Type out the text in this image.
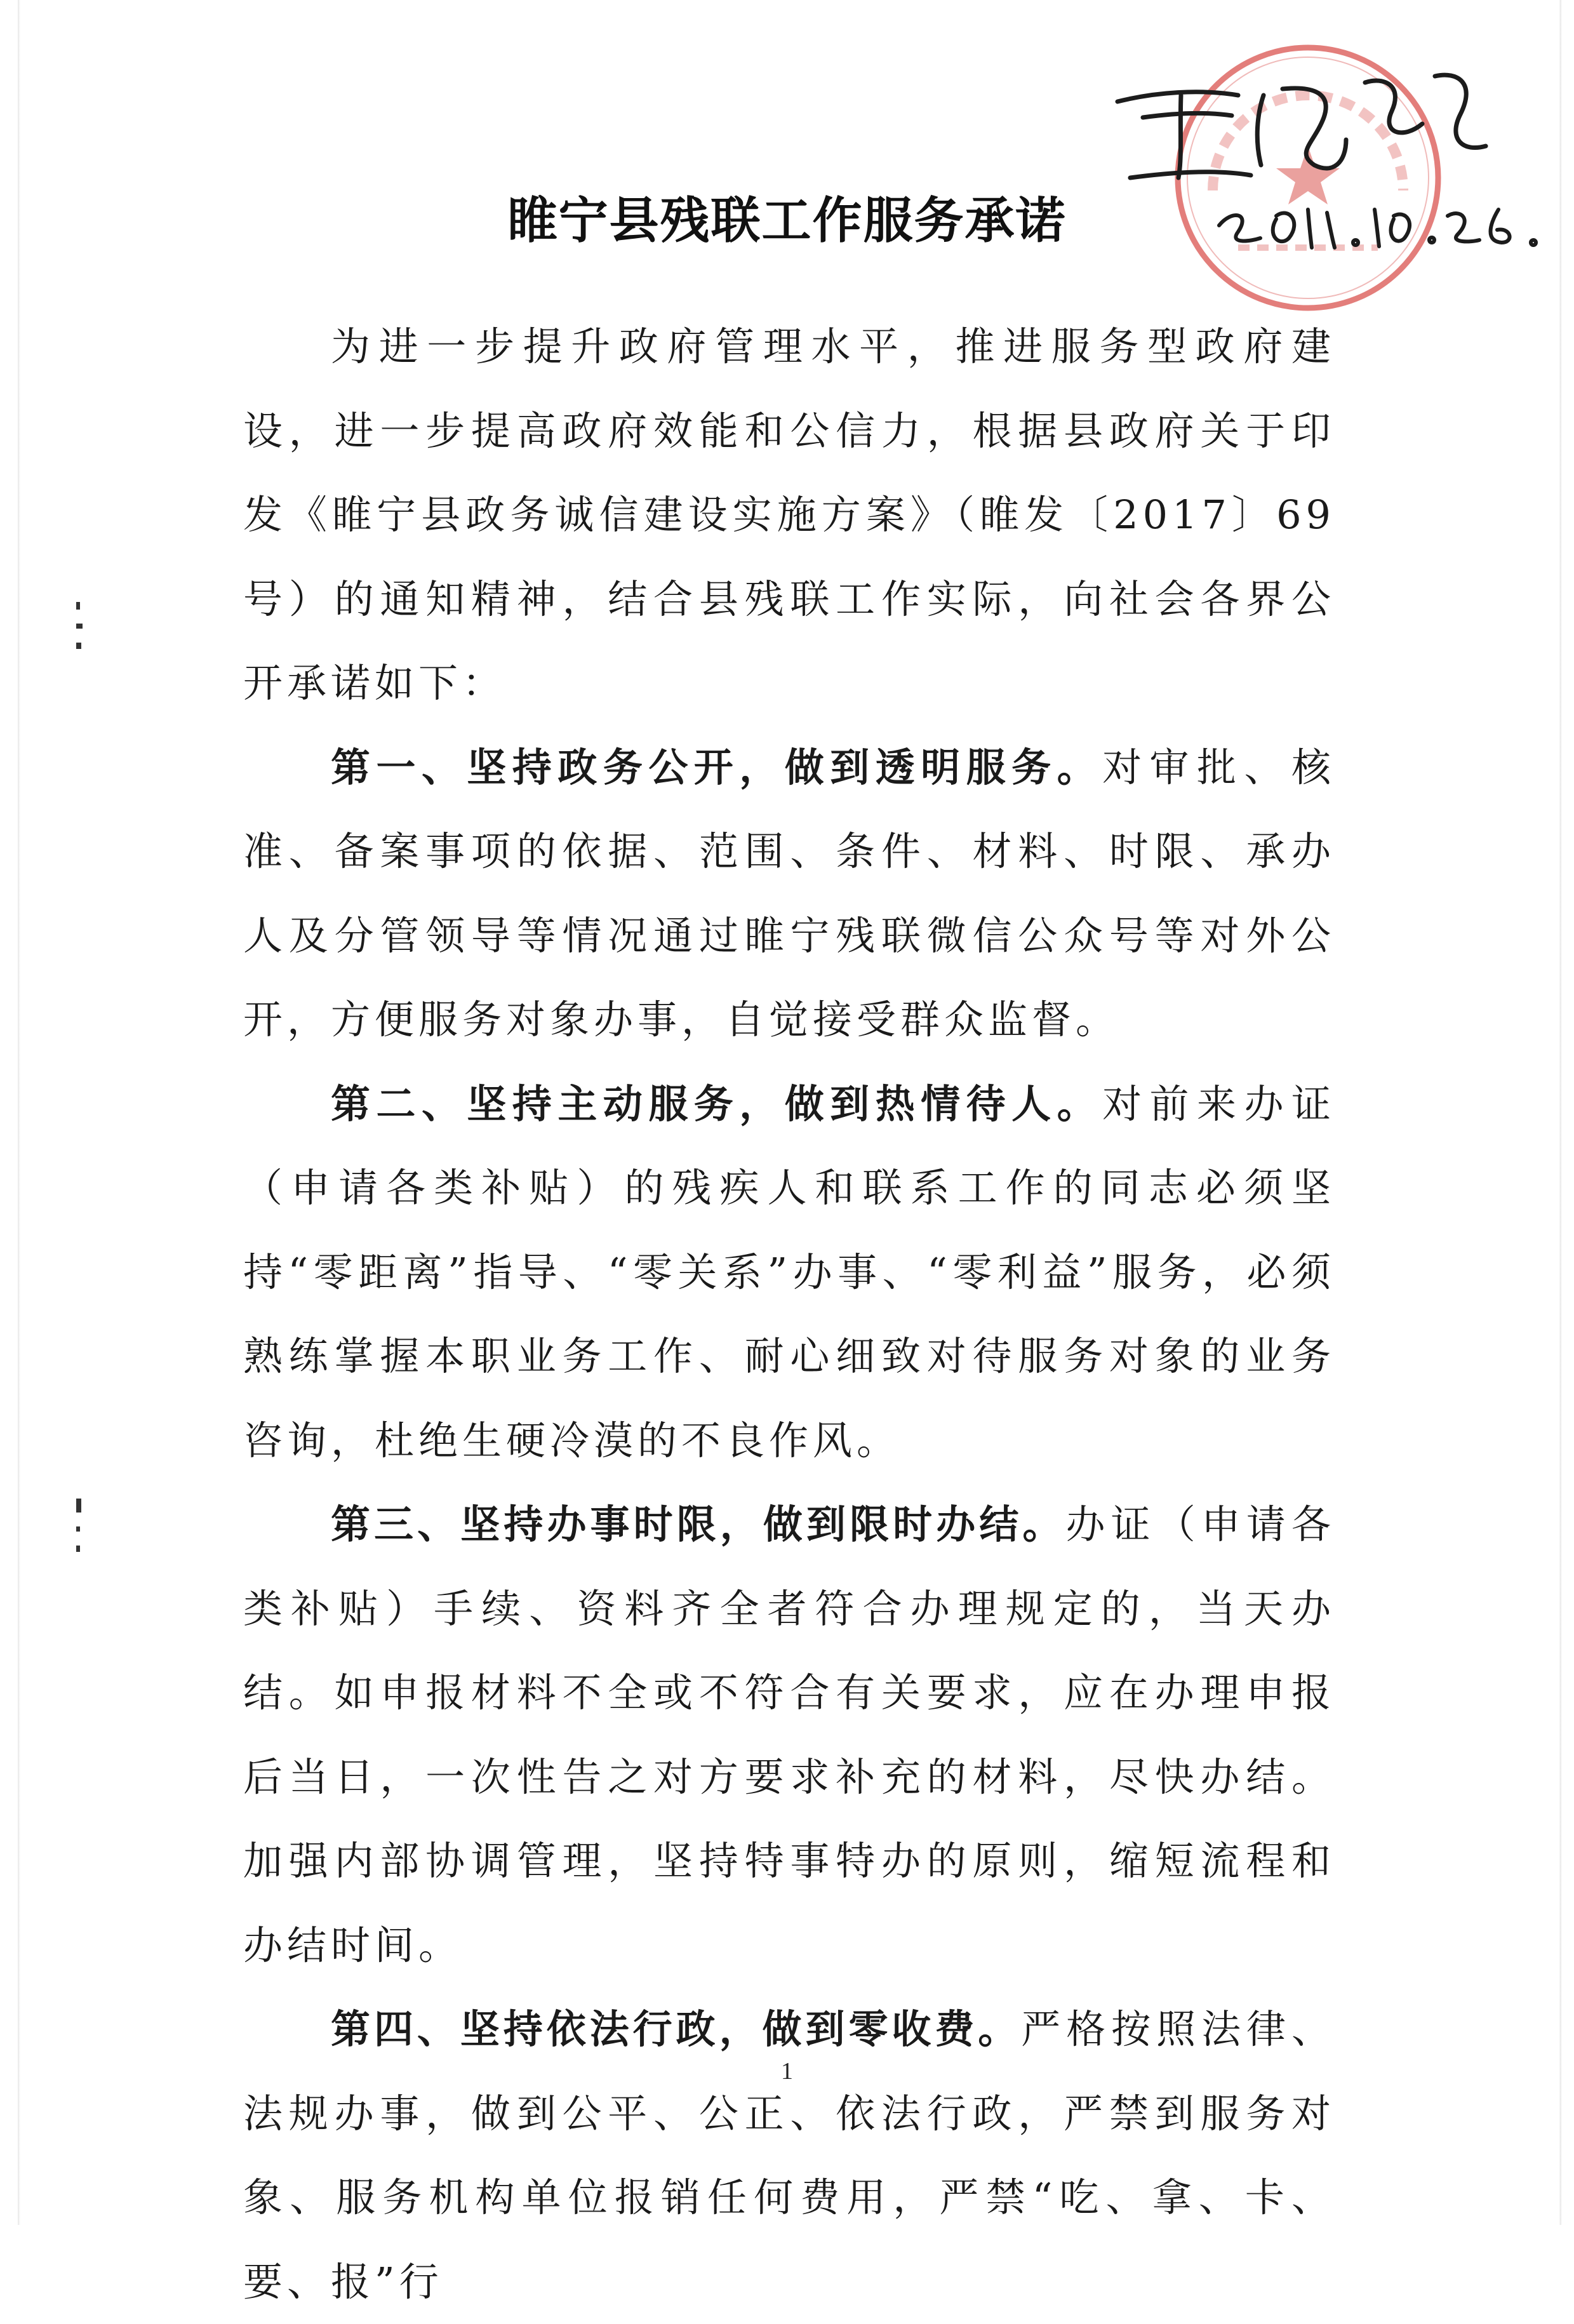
睢宁县残联工作服务承诺

为进一步提升政府管理水平，推进服务型政府建设，进一步提高政府效能和公信力，根据县政府关于印发《睢宁县政务诚信建设实施方案》（睢发〔2017〕69号）的通知精神，结合县残联工作实际，向社会各界公开承诺如下：

第一、坚持政务公开，做到透明服务。对审批、核准、备案事项的依据、范围、条件、材料、时限、承办人及分管领导等情况通过睢宁残联微信公众号等对外公开，方便服务对象办事，自觉接受群众监督。

第二、坚持主动服务，做到热情待人。对前来办证（申请各类补贴）的残疾人和联系工作的同志必须坚持“零距离”指导、“零关系”办事、“零利益”服务，必须熟练掌握本职业务工作、耐心细致对待服务对象的业务咨询，杜绝生硬冷漠的不良作风。

第三、坚持办事时限，做到限时办结。办证（申请各类补贴）手续、资料齐全者符合办理规定的，当天办结。如申报材料不全或不符合有关要求，应在办理申报后当日，一次性告之对方要求补充的材料，尽快办结。加强内部协调管理，坚持特事特办的原则，缩短流程和办结时间。

第四、坚持依法行政，做到零收费。严格按照法律、法规办事，做到公平、公正、依法行政，严禁到服务对象、服务机构单位报销任何费用，严禁“吃、拿、卡、要、报”行

1
